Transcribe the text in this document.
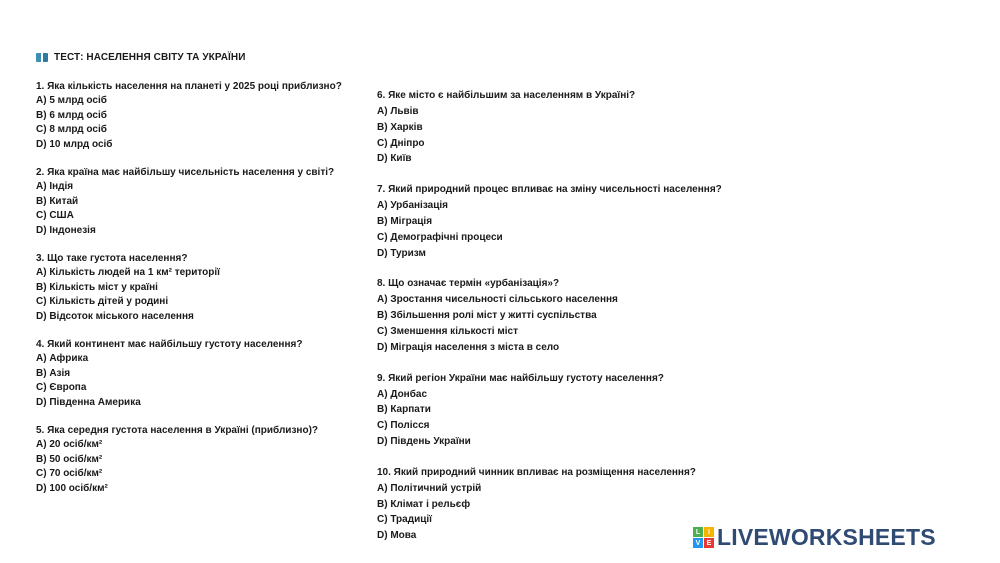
ТЕСТ: НАСЕЛЕННЯ СВІТУ ТА УКРАЇНИ
1. Яка кількість населення на планеті у 2025 році приблизно?
A) 5 млрд осіб
B) 6 млрд осіб
C) 8 млрд осіб
D) 10 млрд осіб
2. Яка країна має найбільшу чисельність населення у світі?
A) Індія
B) Китай
C) США
D) Індонезія
3. Що таке густота населення?
A) Кількість людей на 1 км² території
B) Кількість міст у країні
C) Кількість дітей у родині
D) Відсоток міського населення
4. Який континент має найбільшу густоту населення?
A) Африка
B) Азія
C) Європа
D) Південна Америка
5. Яка середня густота населення в Україні (приблизно)?
A) 20 осіб/км²
B) 50 осіб/км²
C) 70 осіб/км²
D) 100 осіб/км²
6. Яке місто є найбільшим за населенням в Україні?
A) Львів
B) Харків
C) Дніпро
D) Київ
7. Який природний процес впливає на зміну чисельності населення?
A) Урбанізація
B) Міграція
C) Демографічні процеси
D) Туризм
8. Що означає термін «урбанізація»?
A) Зростання чисельності сільського населення
B) Збільшення ролі міст у житті суспільства
C) Зменшення кількості міст
D) Міграція населення з міста в село
9. Який регіон України має найбільшу густоту населення?
A) Донбас
B) Карпати
C) Полісся
D) Південь України
10. Який природний чинник впливає на розміщення населення?
A) Політичний устрій
B) Клімат і рельєф
C) Традиції
D) Мова	L	I
V E LIVEWORKSHEETS
